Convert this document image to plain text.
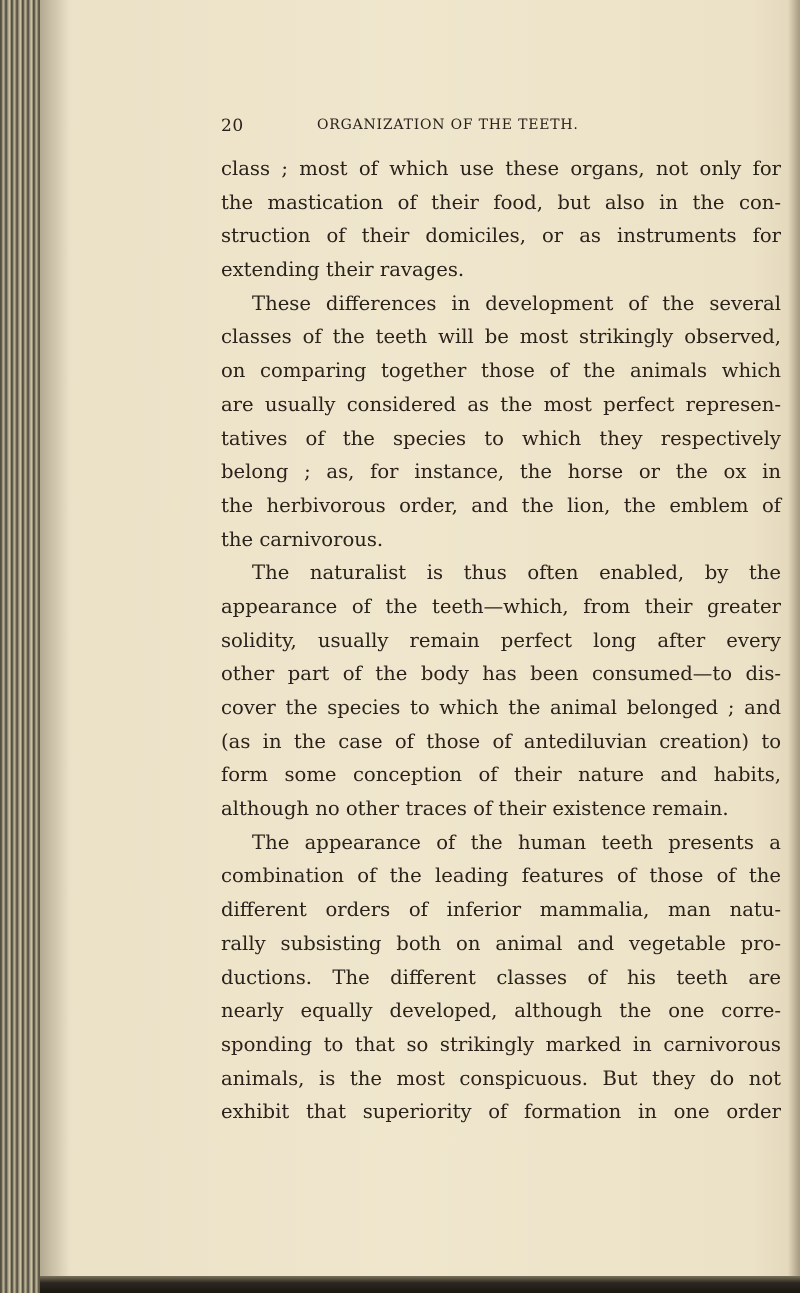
20	ORGANIZATION OF THE TEETH.
class ; most of which use these organs, not only for
the mastication of their food, but also in the con-
struction of their domiciles, or as instruments for
extending their ravages.
These differences in development of the several
classes of the teeth will be most strikingly observed,
on comparing together those of the animals which
are usually considered as the most perfect represen-
tatives of the species to which they respectively
belong ; as, for instance, the horse or the ox in
the herbivorous order, and the lion, the emblem of
the carnivorous.
The naturalist is thus often enabled, by the
appearance of the teeth—which, from their greater
solidity, usually remain perfect long after every
other part of the body has been consumed—to dis-
cover the species to which the animal belonged ; and
(as in the case of those of antediluvian creation) to
form some conception of their nature and habits,
although no other traces of their existence remain.
The appearance of the human teeth presents a
combination of the leading features of those of the
different orders of inferior mammalia, man natu-
rally subsisting both on animal and vegetable pro-
ductions. The different classes of his teeth are
nearly equally developed, although the one corre-
sponding to that so strikingly marked in carnivorous
animals, is the most conspicuous. But they do not
exhibit that superiority of formation in one order
